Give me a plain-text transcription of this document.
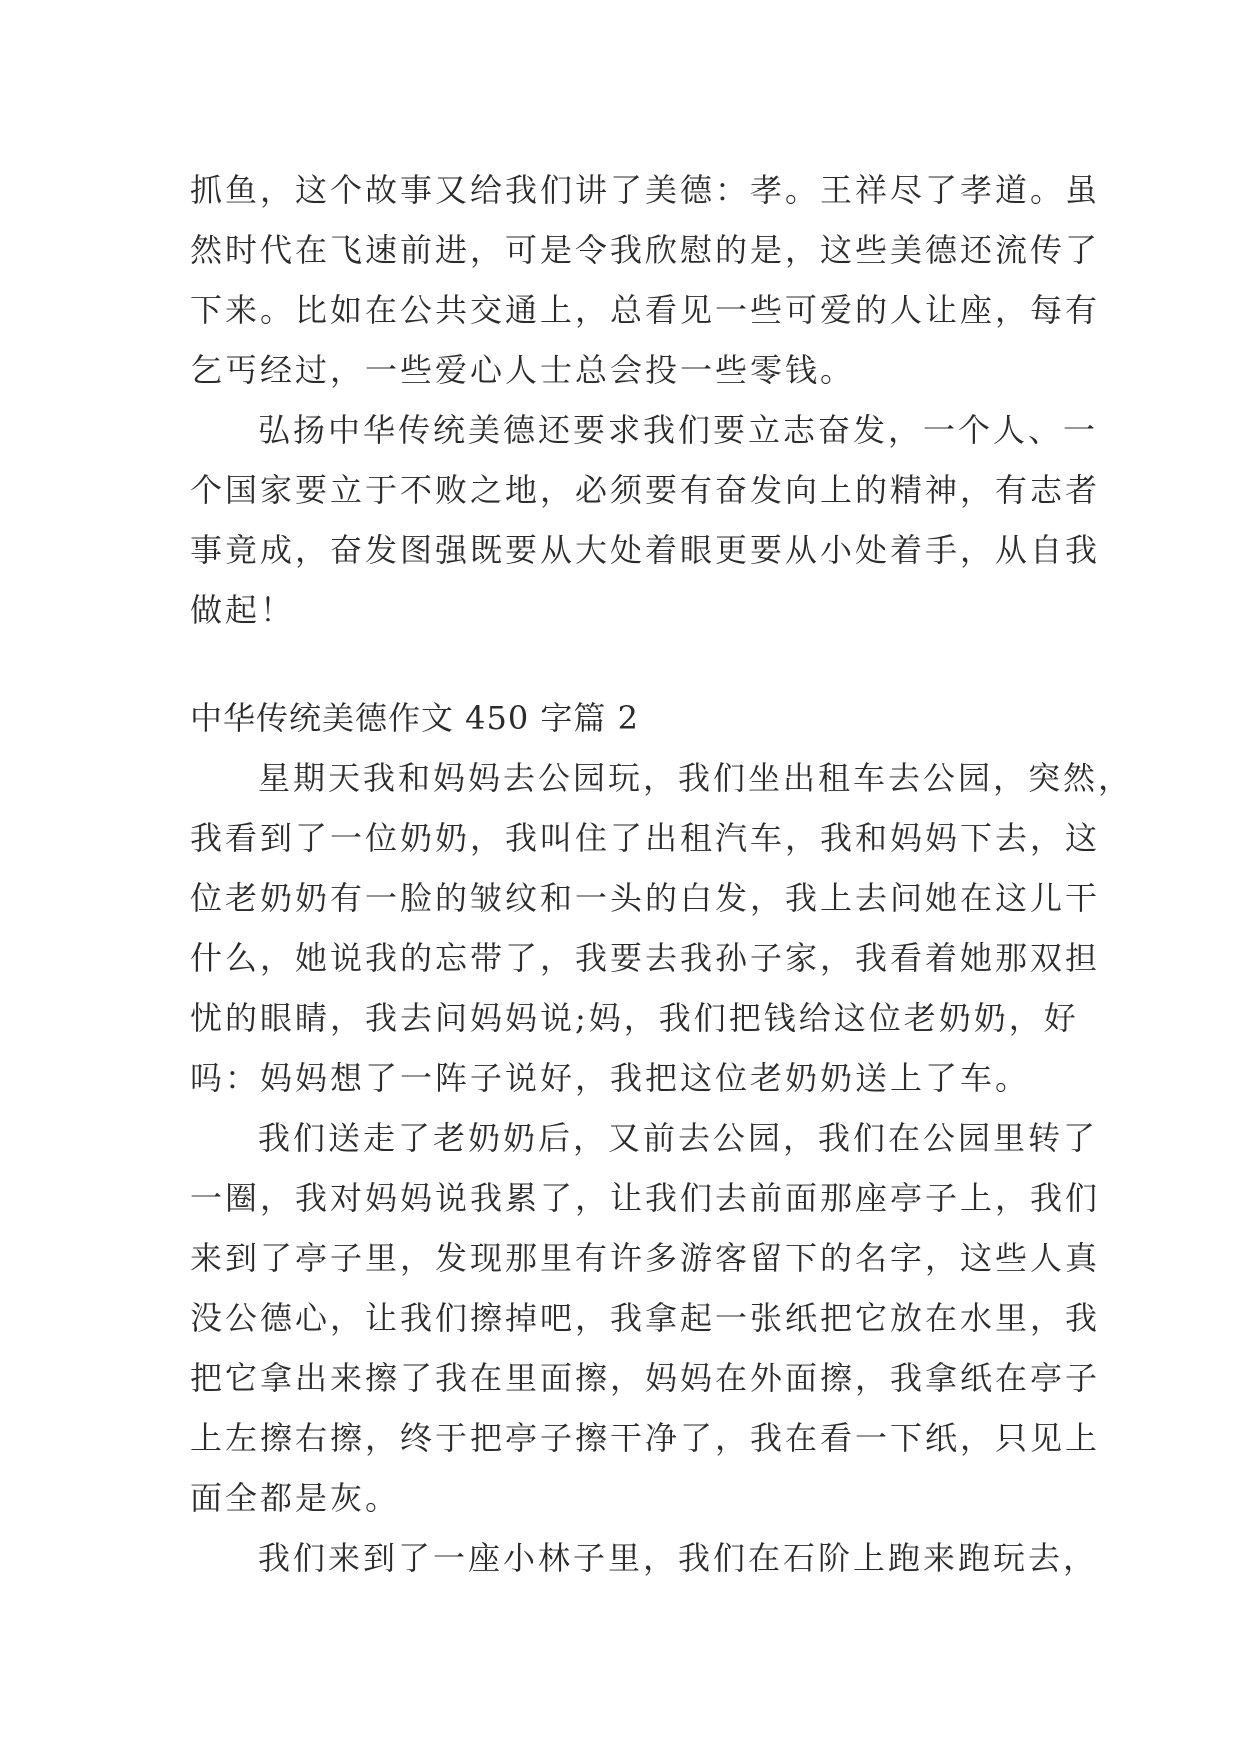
抓鱼，这个故事又给我们讲了美德：孝。王祥尽了孝道。虽
然时代在飞速前进，可是令我欣慰的是，这些美德还流传了
下来。比如在公共交通上，总看见一些可爱的人让座，每有
乞丐经过，一些爱心人士总会投一些零钱。
弘扬中华传统美德还要求我们要立志奋发，一个人、一
个国家要立于不败之地，必须要有奋发向上的精神，有志者
事竟成，奋发图强既要从大处着眼更要从小处着手，从自我
做起！
中华传统美德作文 450 字篇 2
星期天我和妈妈去公园玩，我们坐出租车去公园，突然，
我看到了一位奶奶，我叫住了出租汽车，我和妈妈下去，这
位老奶奶有一脸的皱纹和一头的白发，我上去问她在这儿干
什么，她说我的忘带了，我要去我孙子家，我看着她那双担
忧的眼睛，我去问妈妈说;妈，我们把钱给这位老奶奶，好
吗：妈妈想了一阵子说好，我把这位老奶奶送上了车。
我们送走了老奶奶后，又前去公园，我们在公园里转了
一圈，我对妈妈说我累了，让我们去前面那座亭子上，我们
来到了亭子里，发现那里有许多游客留下的名字，这些人真
没公德心，让我们擦掉吧，我拿起一张纸把它放在水里，我
把它拿出来擦了我在里面擦，妈妈在外面擦，我拿纸在亭子
上左擦右擦，终于把亭子擦干净了，我在看一下纸，只见上
面全都是灰。
我们来到了一座小林子里，我们在石阶上跑来跑玩去，
